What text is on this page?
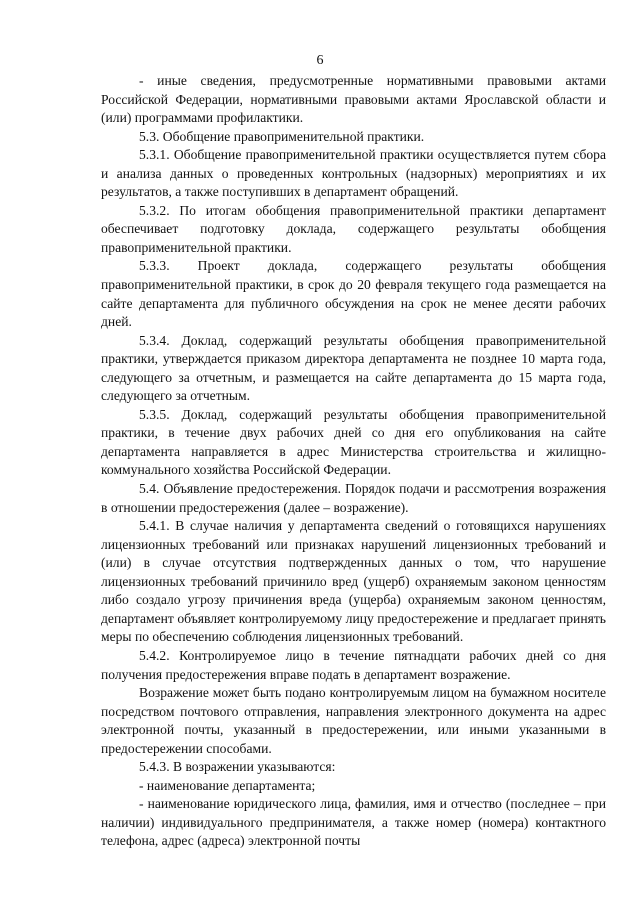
6

- иные сведения, предусмотренные нормативными правовыми актами Российской Федерации, нормативными правовыми актами Ярославской области и (или) программами профилактики.

5.3. Обобщение правоприменительной практики.

5.3.1. Обобщение правоприменительной практики осуществляется путем сбора и анализа данных о проведенных контрольных (надзорных) мероприятиях и их результатов, а также поступивших в департамент обращений.

5.3.2. По итогам обобщения правоприменительной практики департамент обеспечивает подготовку доклада, содержащего результаты обобщения правоприменительной практики.

5.3.3. Проект доклада, содержащего результаты обобщения правоприменительной практики, в срок до 20 февраля текущего года размещается на сайте департамента для публичного обсуждения на срок не менее десяти рабочих дней.

5.3.4. Доклад, содержащий результаты обобщения правоприменительной практики, утверждается приказом директора департамента не позднее 10 марта года, следующего за отчетным, и размещается на сайте департамента до 15 марта года, следующего за отчетным.

5.3.5. Доклад, содержащий результаты обобщения правоприменительной практики, в течение двух рабочих дней со дня его опубликования на сайте департамента направляется в адрес Министерства строительства и жилищно-коммунального хозяйства Российской Федерации.

5.4. Объявление предостережения. Порядок подачи и рассмотрения возражения в отношении предостережения (далее – возражение).

5.4.1. В случае наличия у департамента сведений о готовящихся нарушениях лицензионных требований или признаках нарушений лицензионных требований и (или) в случае отсутствия подтвержденных данных о том, что нарушение лицензионных требований причинило вред (ущерб) охраняемым законом ценностям либо создало угрозу причинения вреда (ущерба) охраняемым законом ценностям, департамент объявляет контролируемому лицу предостережение и предлагает принять меры по обеспечению соблюдения лицензионных требований.

5.4.2. Контролируемое лицо в течение пятнадцати рабочих дней со дня получения предостережения вправе подать в департамент возражение.

Возражение может быть подано контролируемым лицом на бумажном носителе посредством почтового отправления, направления электронного документа на адрес электронной почты, указанный в предостережении, или иными указанными в предостережении способами.

5.4.3. В возражении указываются:

- наименование департамента;

- наименование юридического лица, фамилия, имя и отчество (последнее – при наличии) индивидуального предпринимателя, а также номер (номера) контактного телефона, адрес (адреса) электронной почты
